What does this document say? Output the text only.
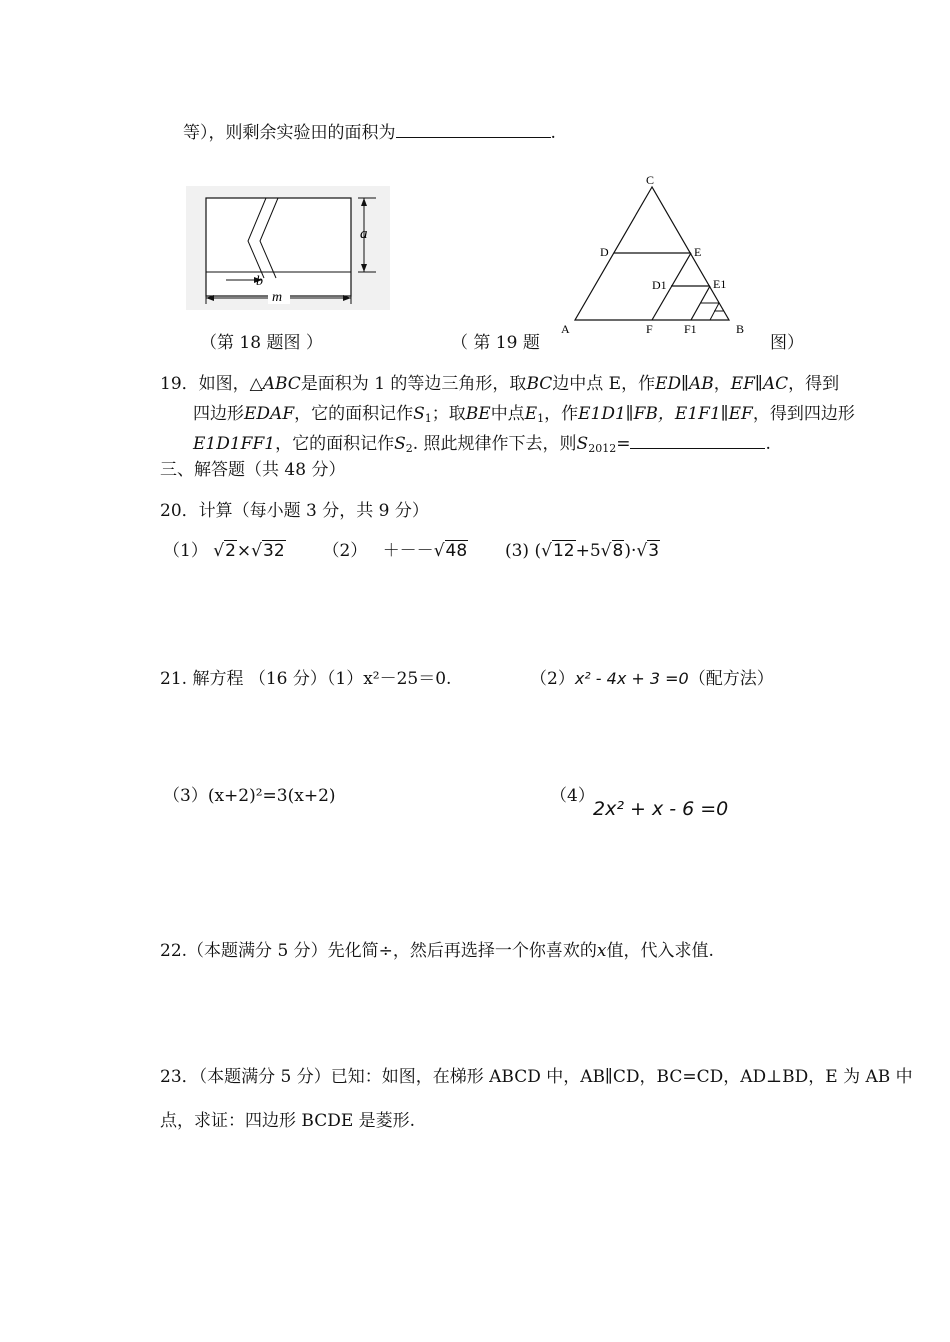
等），则剩余实验田的面积为	.
a
b
m
C
D	E
D1	E1
A	F	F1	B
（第 18 题图 ）	（ 第 19 题	图）
19．如图，△ABC是面积为 1 的等边三角形，取BC边中点 E，作ED∥AB，EF∥AC，得到
四边形EDAF，它的面积记作$S_1$；取BE中点$E_1$，作E1D1∥FB，E1F1∥EF，得到四边形
E1D1FF1，它的面积记作$S_2$. 照此规律作下去，则$S_{2012}=$	.
三、解答题（共 48 分）
20．计算（每小题 3 分，共 9 分）
（1） √2×√32 （2） ＋－－√48 (3) (√12+5√8)·√3
21. 解方程 （16 分）（1）x²－25＝0.	（2）x² - 4x + 3 =0（配方法）
（3）(x+2)²=3(x+2)	（4）
2x² + x - 6 =0
22.（本题满分 5 分）先化简÷，然后再选择一个你喜欢的x值，代入求值.
23．（本题满分 5 分）已知：如图，在梯形 ABCD 中，AB∥CD，BC=CD，AD⊥BD，E 为 AB 中
点，求证：四边形 BCDE 是菱形.
